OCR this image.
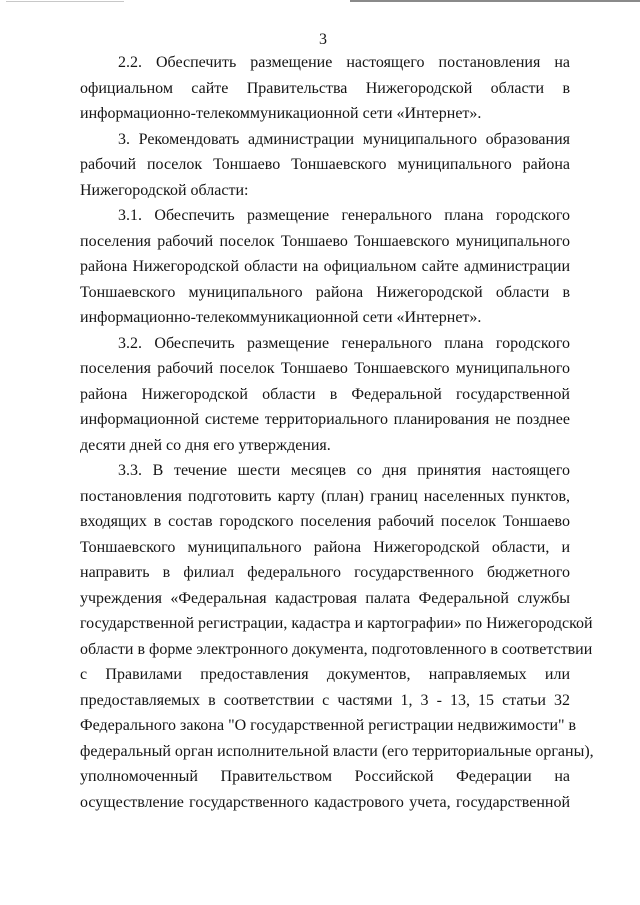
3
2.2. Обеспечить размещение настоящего постановления на
официальном сайте Правительства Нижегородской области в
информационно-телекоммуникационной сети «Интернет».
3. Рекомендовать администрации муниципального образования
рабочий поселок Тоншаево Тоншаевского муниципального района
Нижегородской области:
3.1. Обеспечить размещение генерального плана городского
поселения рабочий поселок Тоншаево Тоншаевского муниципального
района Нижегородской области на официальном сайте администрации
Тоншаевского муниципального района Нижегородской области в
информационно-телекоммуникационной сети «Интернет».
3.2. Обеспечить размещение генерального плана городского
поселения рабочий поселок Тоншаево Тоншаевского муниципального
района Нижегородской области в Федеральной государственной
информационной системе территориального планирования не позднее
десяти дней со дня его утверждения.
3.3. В течение шести месяцев со дня принятия настоящего
постановления подготовить карту (план) границ населенных пунктов,
входящих в состав городского поселения рабочий поселок Тоншаево
Тоншаевского муниципального района Нижегородской области, и
направить в филиал федерального государственного бюджетного
учреждения «Федеральная кадастровая палата Федеральной службы
государственной регистрации, кадастра и картографии» по Нижегородской
области в форме электронного документа, подготовленного в соответствии
с Правилами предоставления документов, направляемых или
предоставляемых в соответствии с частями 1, 3 - 13, 15 статьи 32
Федерального закона "О государственной регистрации недвижимости" в
федеральный орган исполнительной власти (его территориальные органы),
уполномоченный Правительством Российской Федерации на
осуществление государственного кадастрового учета, государственной
